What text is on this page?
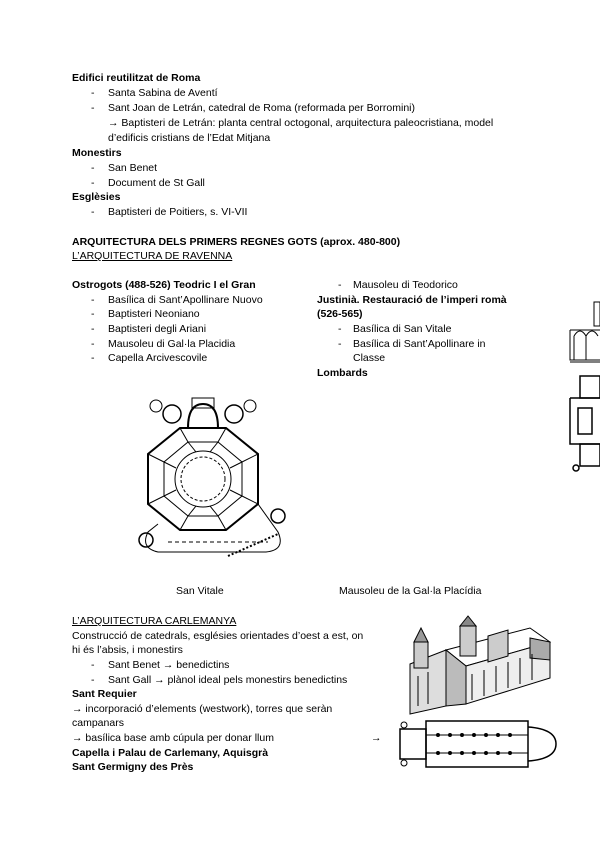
Edifici reutilitzat de Roma
- Santa Sabina de Aventí
- Sant Joan de Letrán, catedral de Roma (reformada per Borromini)
→ Baptisteri de Letrán: planta central octogonal, arquitectura paleocristiana, model
d’edificis cristians de l’Edat Mitjana
Monestirs
- San Benet
- Document de St Gall
Esglèsies
- Baptisteri de Poitiers, s. VI-VII
ARQUITECTURA DELS PRIMERS REGNES GOTS (aprox. 480-800)
L’ARQUITECTURA DE RAVENNA
Ostrogots (488-526) Teodric I el Gran
- Basílica di Sant’Apollinare Nuovo
- Baptisteri Neoniano
- Baptisteri degli Ariani
- Mausoleu di Gal·la Placidia
- Capella Arcivescovile
- Mausoleu di Teodorico
Justinià. Restauració de l’imperi romà
(526-565)
- Basílica di San Vitale
- Basílica di Sant’Apollinare in
Classe
Lombards
San Vitale	Mausoleu de la Gal·la Placídia
L’ARQUITECTURA CARLEMANYA
Construcció de catedrals, esglésies orientades d’oest a est, on
hi és l’absis, i monestirs
- Sant Benet → benedictins
- Sant Gall → plànol ideal pels monestirs benedictins
Sant Requier
→ incorporació d’elements (westwork), torres que seràn
campanars
→ basílica base amb cúpula per donar llum	→
Capella i Palau de Carlemany, Aquisgrà
Sant Germigny des Près
